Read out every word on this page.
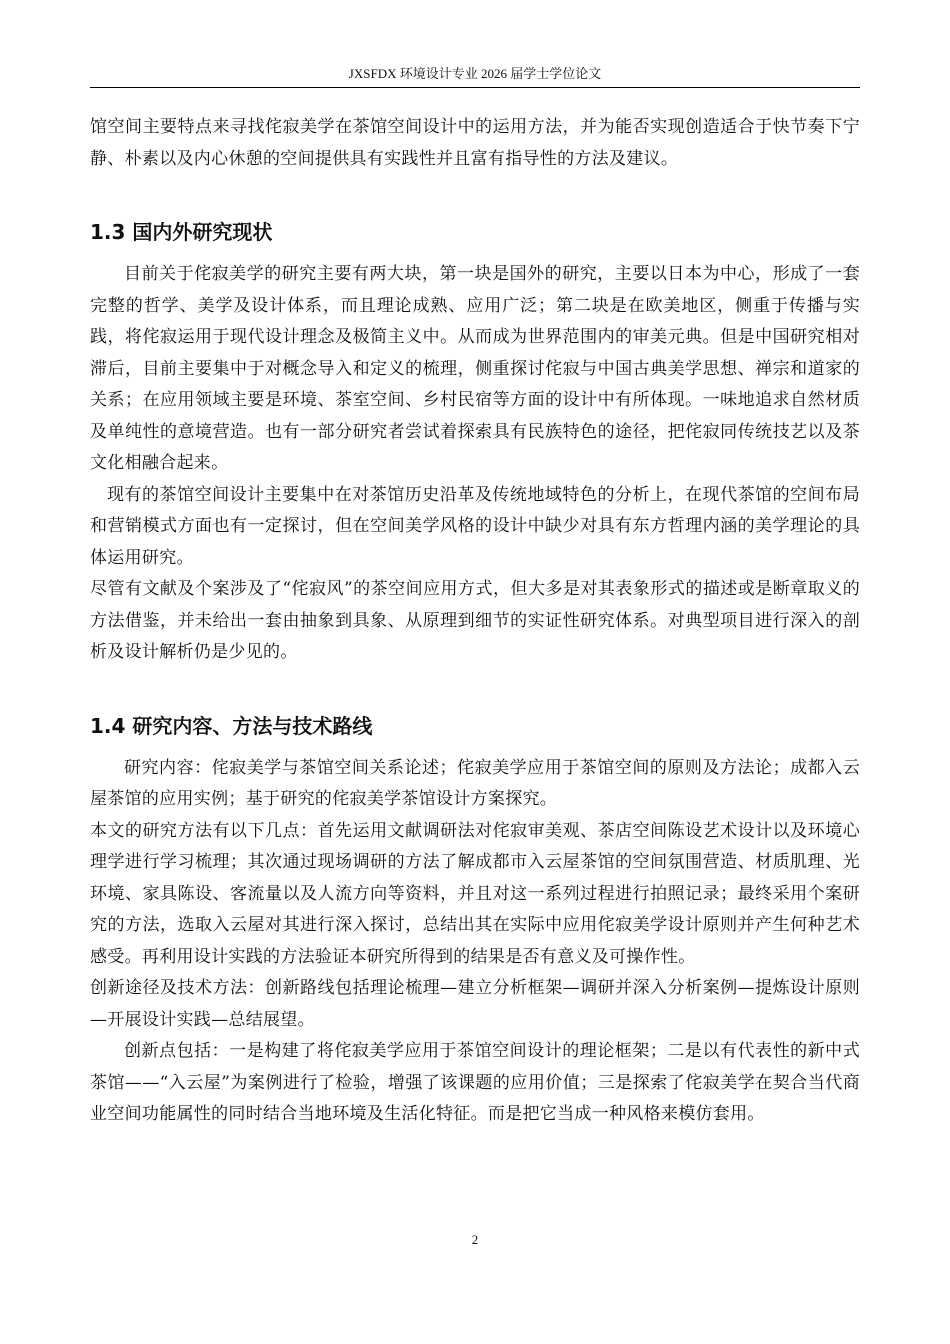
JXSFDX 环境设计专业 2026 届学士学位论文

馆空间主要特点来寻找侘寂美学在茶馆空间设计中的运用方法，并为能否实现创造适合于快节奏下宁静、朴素以及内心休憩的空间提供具有实践性并且富有指导性的方法及建议。

1.3 国内外研究现状

目前关于侘寂美学的研究主要有两大块，第一块是国外的研究，主要以日本为中心，形成了一套完整的哲学、美学及设计体系，而且理论成熟、应用广泛；第二块是在欧美地区，侧重于传播与实践，将侘寂运用于现代设计理念及极简主义中。从而成为世界范围内的审美元典。但是中国研究相对滞后，目前主要集中于对概念导入和定义的梳理，侧重探讨侘寂与中国古典美学思想、禅宗和道家的关系；在应用领域主要是环境、茶室空间、乡村民宿等方面的设计中有所体现。一味地追求自然材质及单纯性的意境营造。也有一部分研究者尝试着探索具有民族特色的途径，把侘寂同传统技艺以及茶文化相融合起来。

现有的茶馆空间设计主要集中在对茶馆历史沿革及传统地域特色的分析上，在现代茶馆的空间布局和营销模式方面也有一定探讨，但在空间美学风格的设计中缺少对具有东方哲理内涵的美学理论的具体运用研究。

尽管有文献及个案涉及了“侘寂风”的茶空间应用方式，但大多是对其表象形式的描述或是断章取义的方法借鉴，并未给出一套由抽象到具象、从原理到细节的实证性研究体系。对典型项目进行深入的剖析及设计解析仍是少见的。

1.4 研究内容、方法与技术路线

研究内容：侘寂美学与茶馆空间关系论述；侘寂美学应用于茶馆空间的原则及方法论；成都入云屋茶馆的应用实例；基于研究的侘寂美学茶馆设计方案探究。

本文的研究方法有以下几点：首先运用文献调研法对侘寂审美观、茶店空间陈设艺术设计以及环境心理学进行学习梳理；其次通过现场调研的方法了解成都市入云屋茶馆的空间氛围营造、材质肌理、光环境、家具陈设、客流量以及人流方向等资料，并且对这一系列过程进行拍照记录；最终采用个案研究的方法，选取入云屋对其进行深入探讨，总结出其在实际中应用侘寂美学设计原则并产生何种艺术感受。再利用设计实践的方法验证本研究所得到的结果是否有意义及可操作性。

创新途径及技术方法：创新路线包括理论梳理—建立分析框架—调研并深入分析案例—提炼设计原则—开展设计实践—总结展望。

创新点包括：一是构建了将侘寂美学应用于茶馆空间设计的理论框架；二是以有代表性的新中式茶馆——“入云屋”为案例进行了检验，增强了该课题的应用价值；三是探索了侘寂美学在契合当代商业空间功能属性的同时结合当地环境及生活化特征。而是把它当成一种风格来模仿套用。

2
